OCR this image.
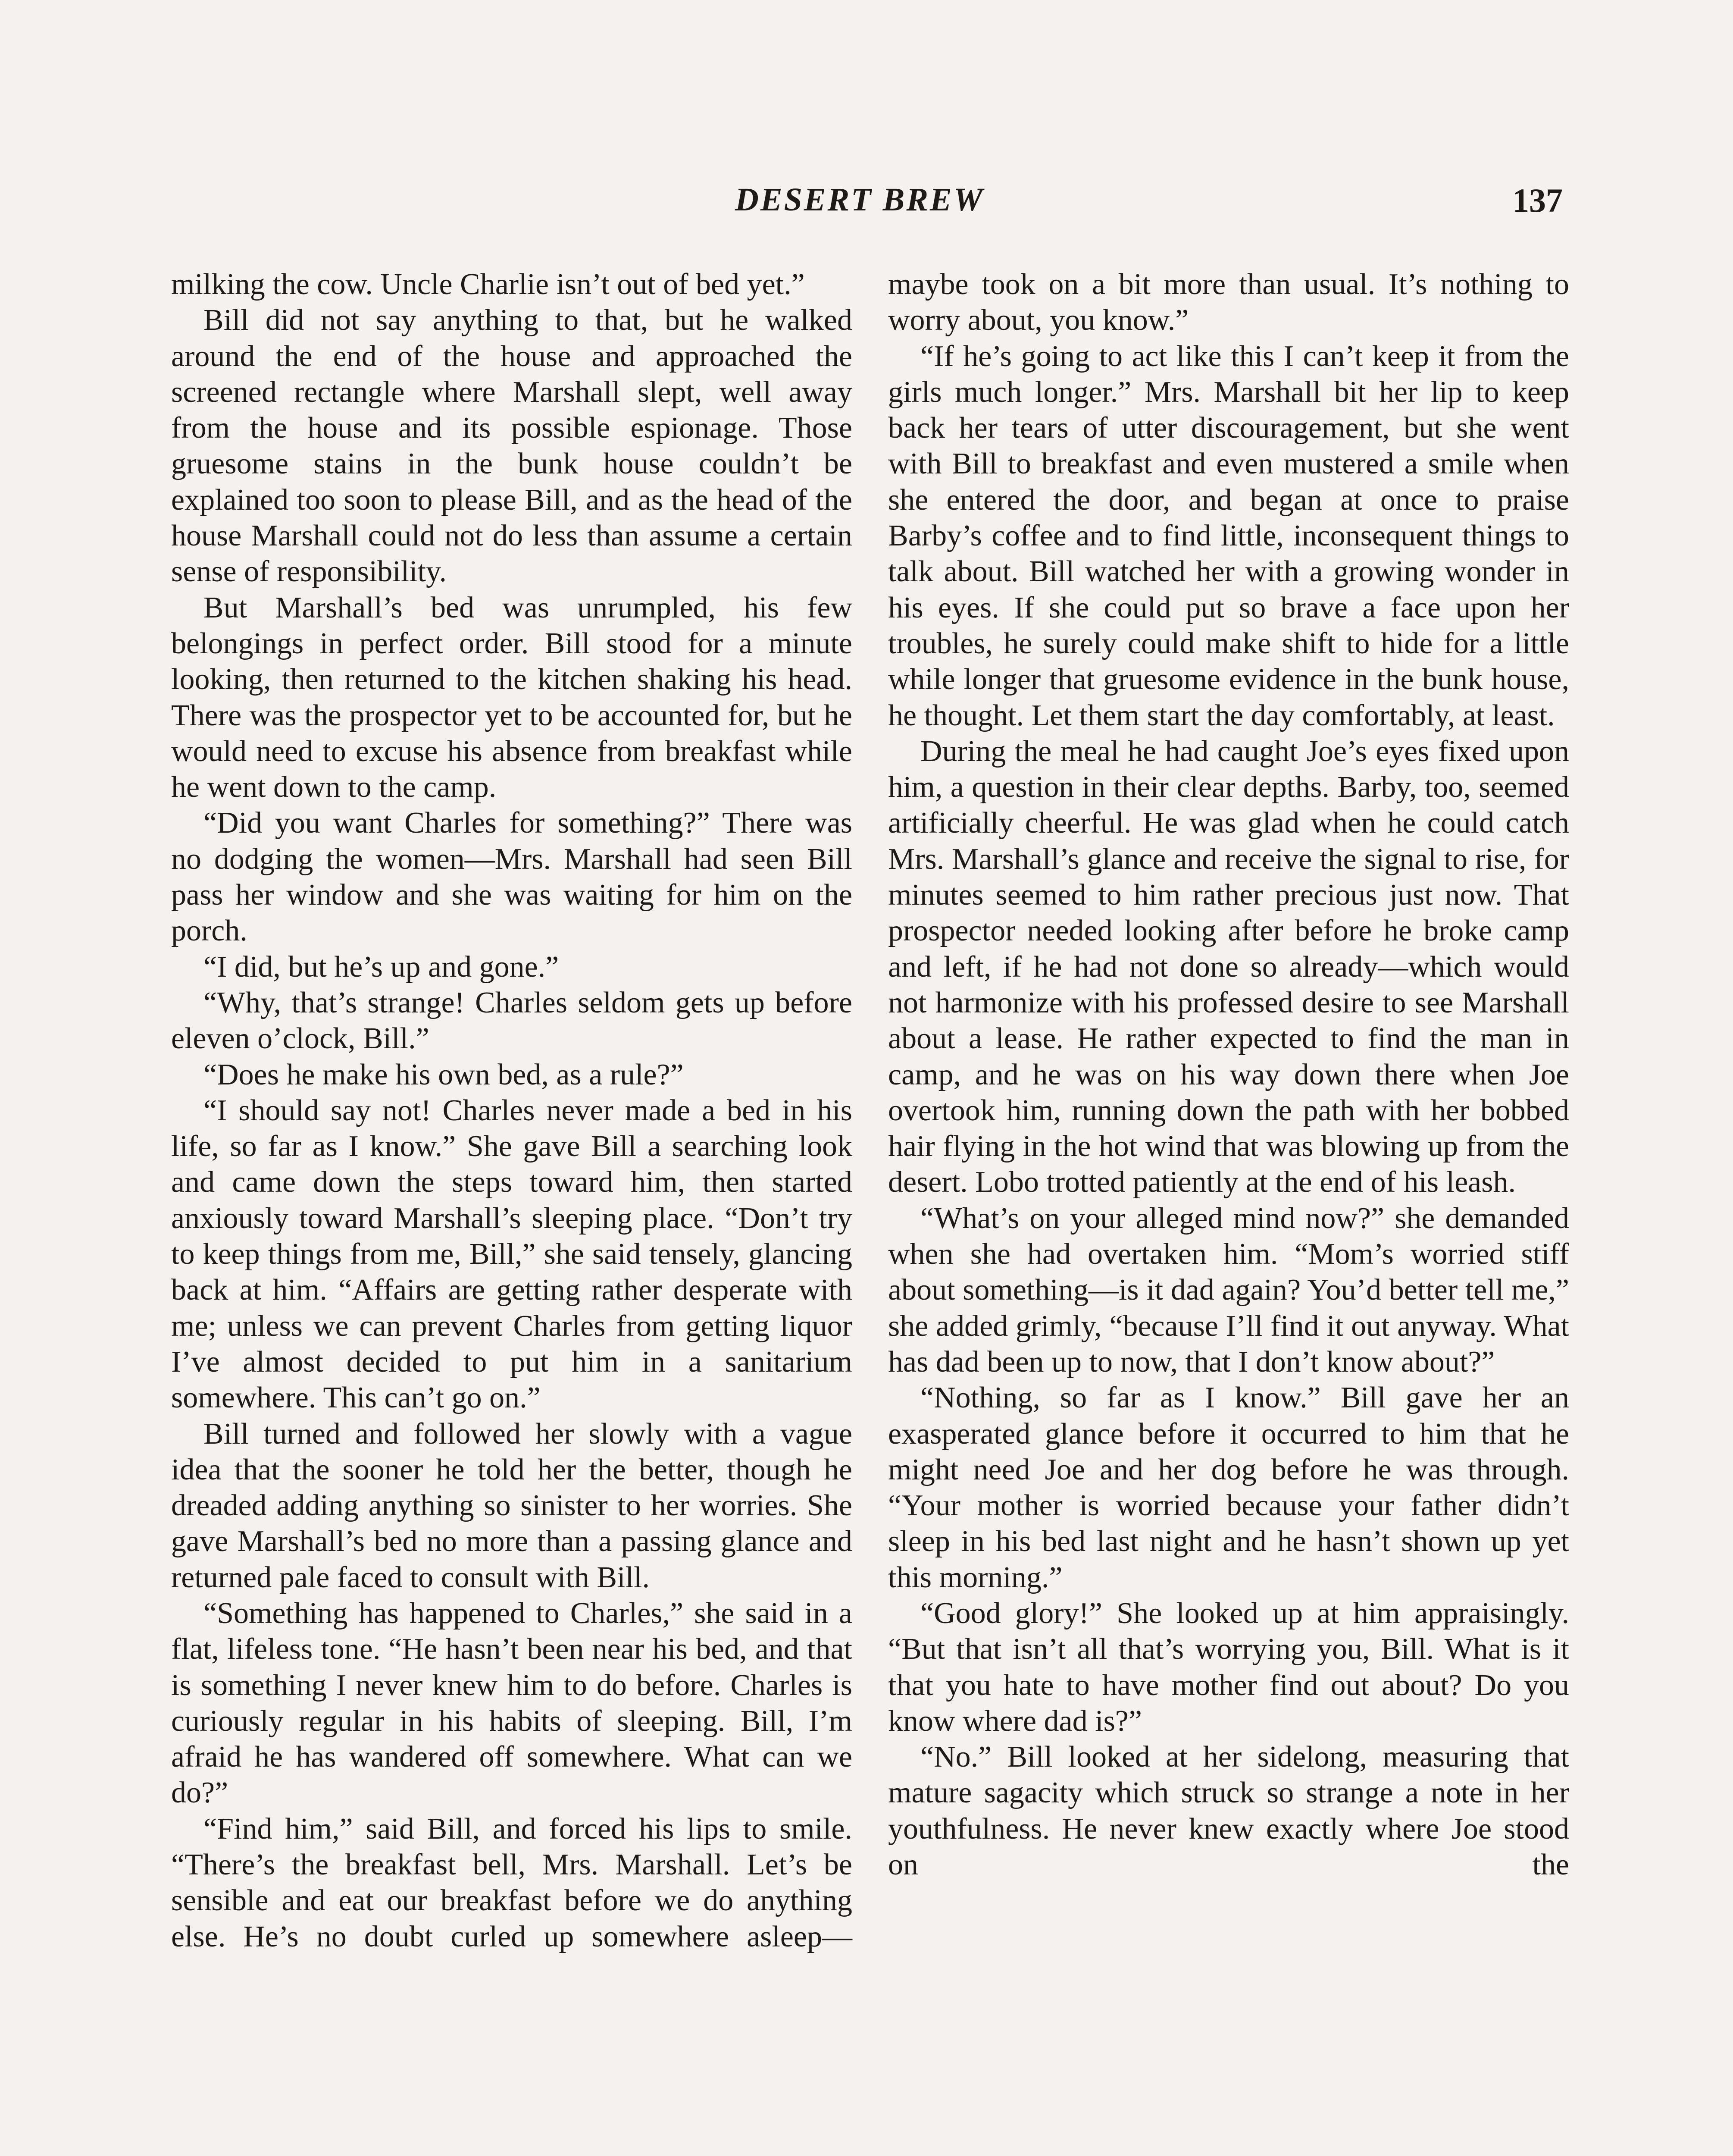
DESERT BREW	137

milking the cow. Uncle Charlie isn’t out of bed yet.”

Bill did not say anything to that, but he walked around the end of the house and approached the screened rectangle where Marshall slept, well away from the house and its possible espionage. Those gruesome stains in the bunk house couldn’t be explained too soon to please Bill, and as the head of the house Marshall could not do less than assume a certain sense of responsibility.

But Marshall’s bed was unrumpled, his few belongings in perfect order. Bill stood for a minute looking, then returned to the kitchen shaking his head. There was the prospector yet to be accounted for, but he would need to excuse his absence from breakfast while he went down to the camp.

“Did you want Charles for something?” There was no dodging the women—Mrs. Marshall had seen Bill pass her window and she was waiting for him on the porch.

“I did, but he’s up and gone.”

“Why, that’s strange! Charles seldom gets up before eleven o’clock, Bill.”

“Does he make his own bed, as a rule?”

“I should say not! Charles never made a bed in his life, so far as I know.” She gave Bill a searching look and came down the steps toward him, then started anxiously toward Marshall’s sleeping place. “Don’t try to keep things from me, Bill,” she said tensely, glancing back at him. “Affairs are getting rather desperate with me; unless we can prevent Charles from getting liquor I’ve almost decided to put him in a sanitarium somewhere. This can’t go on.”

Bill turned and followed her slowly with a vague idea that the sooner he told her the better, though he dreaded adding anything so sinister to her worries. She gave Marshall’s bed no more than a passing glance and returned pale faced to consult with Bill.

“Something has happened to Charles,” she said in a flat, lifeless tone. “He hasn’t been near his bed, and that is something I never knew him to do before. Charles is curiously regular in his habits of sleeping. Bill, I’m afraid he has wandered off somewhere. What can we do?”

“Find him,” said Bill, and forced his lips to smile. “There’s the breakfast bell, Mrs. Marshall. Let’s be sensible and eat our breakfast before we do anything else. He’s no doubt curled up somewhere asleep—

maybe took on a bit more than usual. It’s nothing to worry about, you know.”

“If he’s going to act like this I can’t keep it from the girls much longer.” Mrs. Marshall bit her lip to keep back her tears of utter discouragement, but she went with Bill to breakfast and even mustered a smile when she entered the door, and began at once to praise Barby’s coffee and to find little, inconsequent things to talk about. Bill watched her with a growing wonder in his eyes. If she could put so brave a face upon her troubles, he surely could make shift to hide for a little while longer that gruesome evidence in the bunk house, he thought. Let them start the day comfortably, at least.

During the meal he had caught Joe’s eyes fixed upon him, a question in their clear depths. Barby, too, seemed artificially cheerful. He was glad when he could catch Mrs. Marshall’s glance and receive the signal to rise, for minutes seemed to him rather precious just now. That prospector needed looking after before he broke camp and left, if he had not done so already—which would not harmonize with his professed desire to see Marshall about a lease. He rather expected to find the man in camp, and he was on his way down there when Joe overtook him, running down the path with her bobbed hair flying in the hot wind that was blowing up from the desert. Lobo trotted patiently at the end of his leash.

“What’s on your alleged mind now?” she demanded when she had overtaken him. “Mom’s worried stiff about something—is it dad again? You’d better tell me,” she added grimly, “because I’ll find it out anyway. What has dad been up to now, that I don’t know about?”

“Nothing, so far as I know.” Bill gave her an exasperated glance before it occurred to him that he might need Joe and her dog before he was through. “Your mother is worried because your father didn’t sleep in his bed last night and he hasn’t shown up yet this morning.”

“Good glory!” She looked up at him appraisingly. “But that isn’t all that’s worrying you, Bill. What is it that you hate to have mother find out about? Do you know where dad is?”

“No.” Bill looked at her sidelong, measuring that mature sagacity which struck so strange a note in her youthfulness. He never knew exactly where Joe stood on the
